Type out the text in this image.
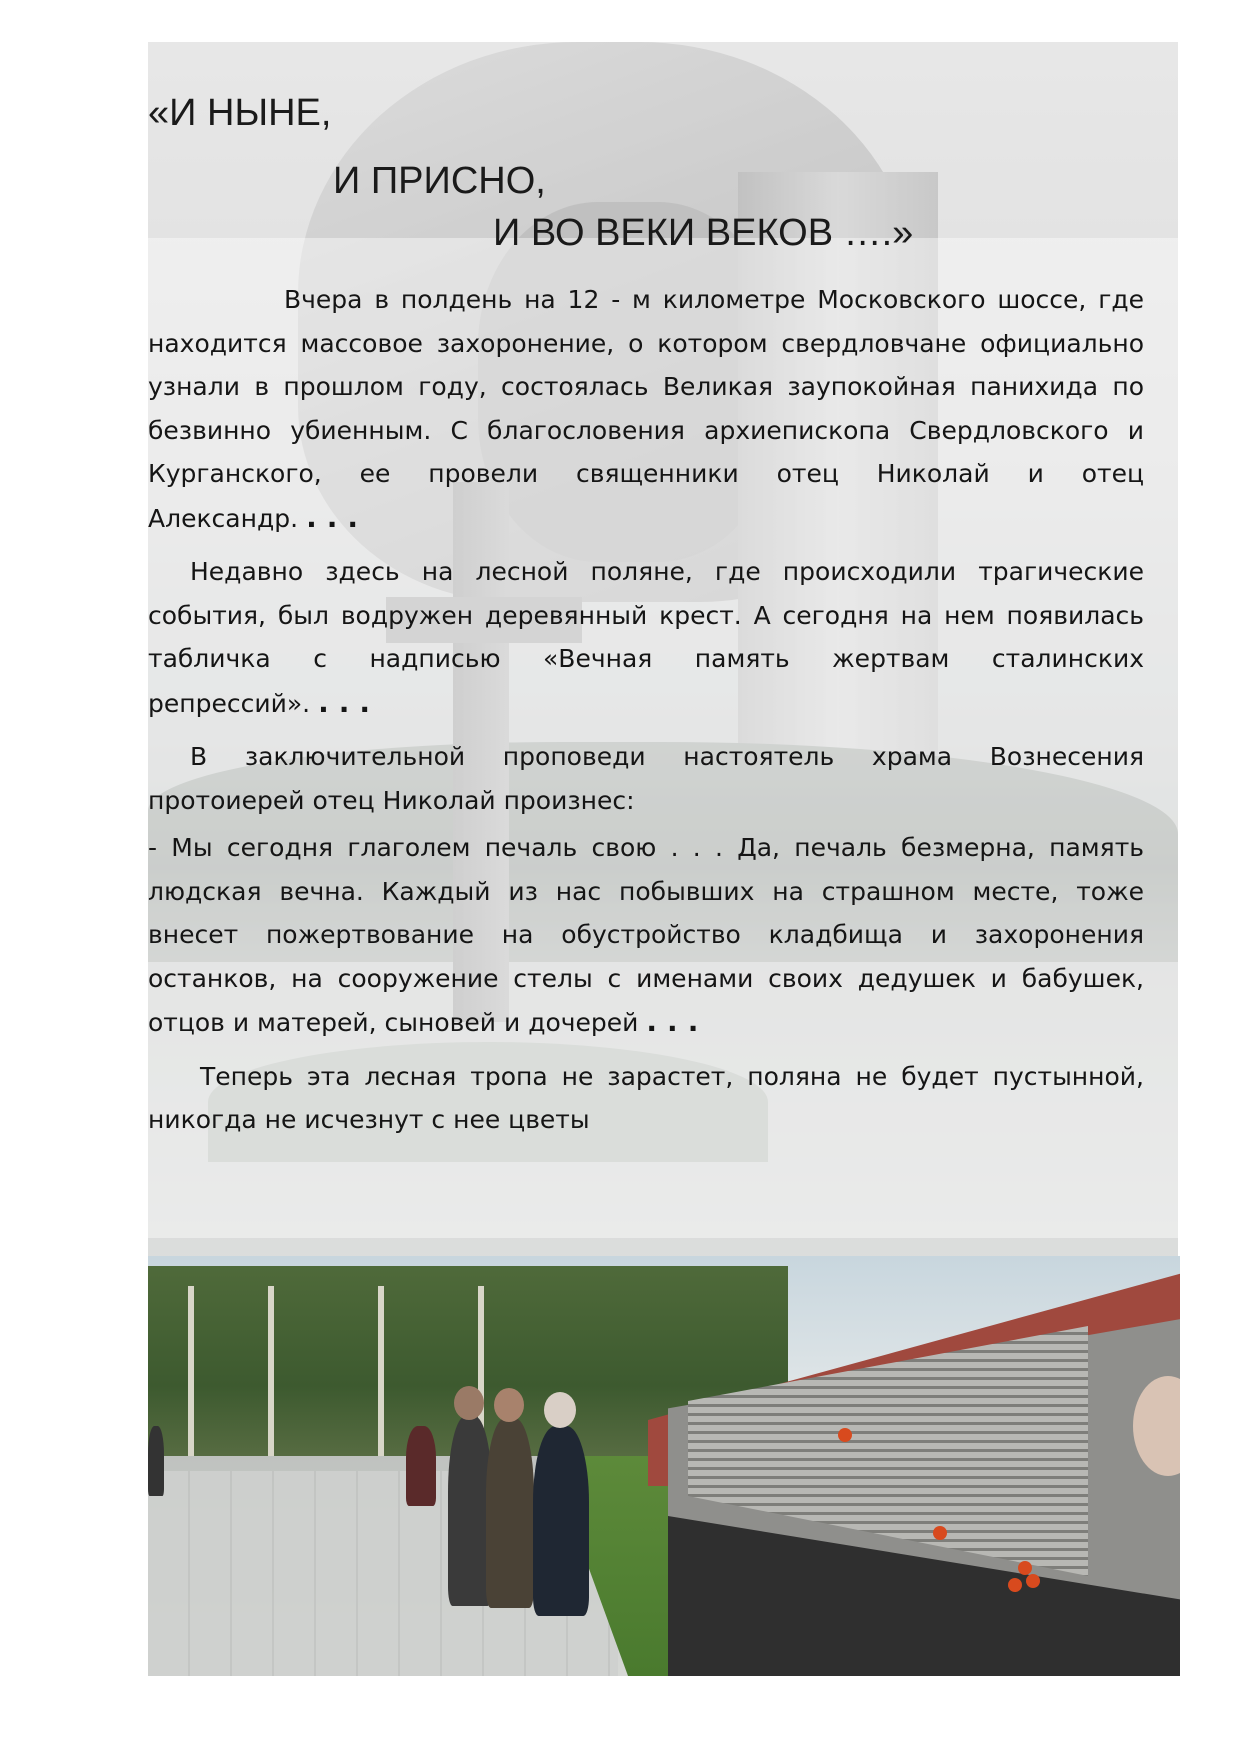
«И НЫНЕ,
И ПРИСНО,
И ВО ВЕКИ ВЕКОВ ….»

Вчера в полдень на 12 - м километре Московского шоссе, где находится массовое захоронение, о котором свердловчане официально узнали в прошлом году, состоялась Великая заупокойная панихида по безвинно убиенным. С благословения архиепископа Свердловского и Курганского, ее провели священники отец Николай и отец Александр. ...

Недавно здесь на лесной поляне, где происходили трагические события, был водружен деревянный крест. А сегодня на нем появилась табличка с надписью «Вечная память жертвам сталинских репрессий». ...

В заключительной проповеди настоятель храма Вознесения протоиерей отец Николай произнес:

- Мы сегодня глаголем печаль свою . . . Да, печаль безмерна, память людская вечна. Каждый из нас побывших на страшном месте, тоже внесет пожертвование на обустройство кладбища и захоронения останков, на сооружение стелы с именами своих дедушек и бабушек, отцов и матерей, сыновей и дочерей ...

Теперь эта лесная тропа не зарастет, поляна не будет пустынной, никогда не исчезнут с нее цветы
